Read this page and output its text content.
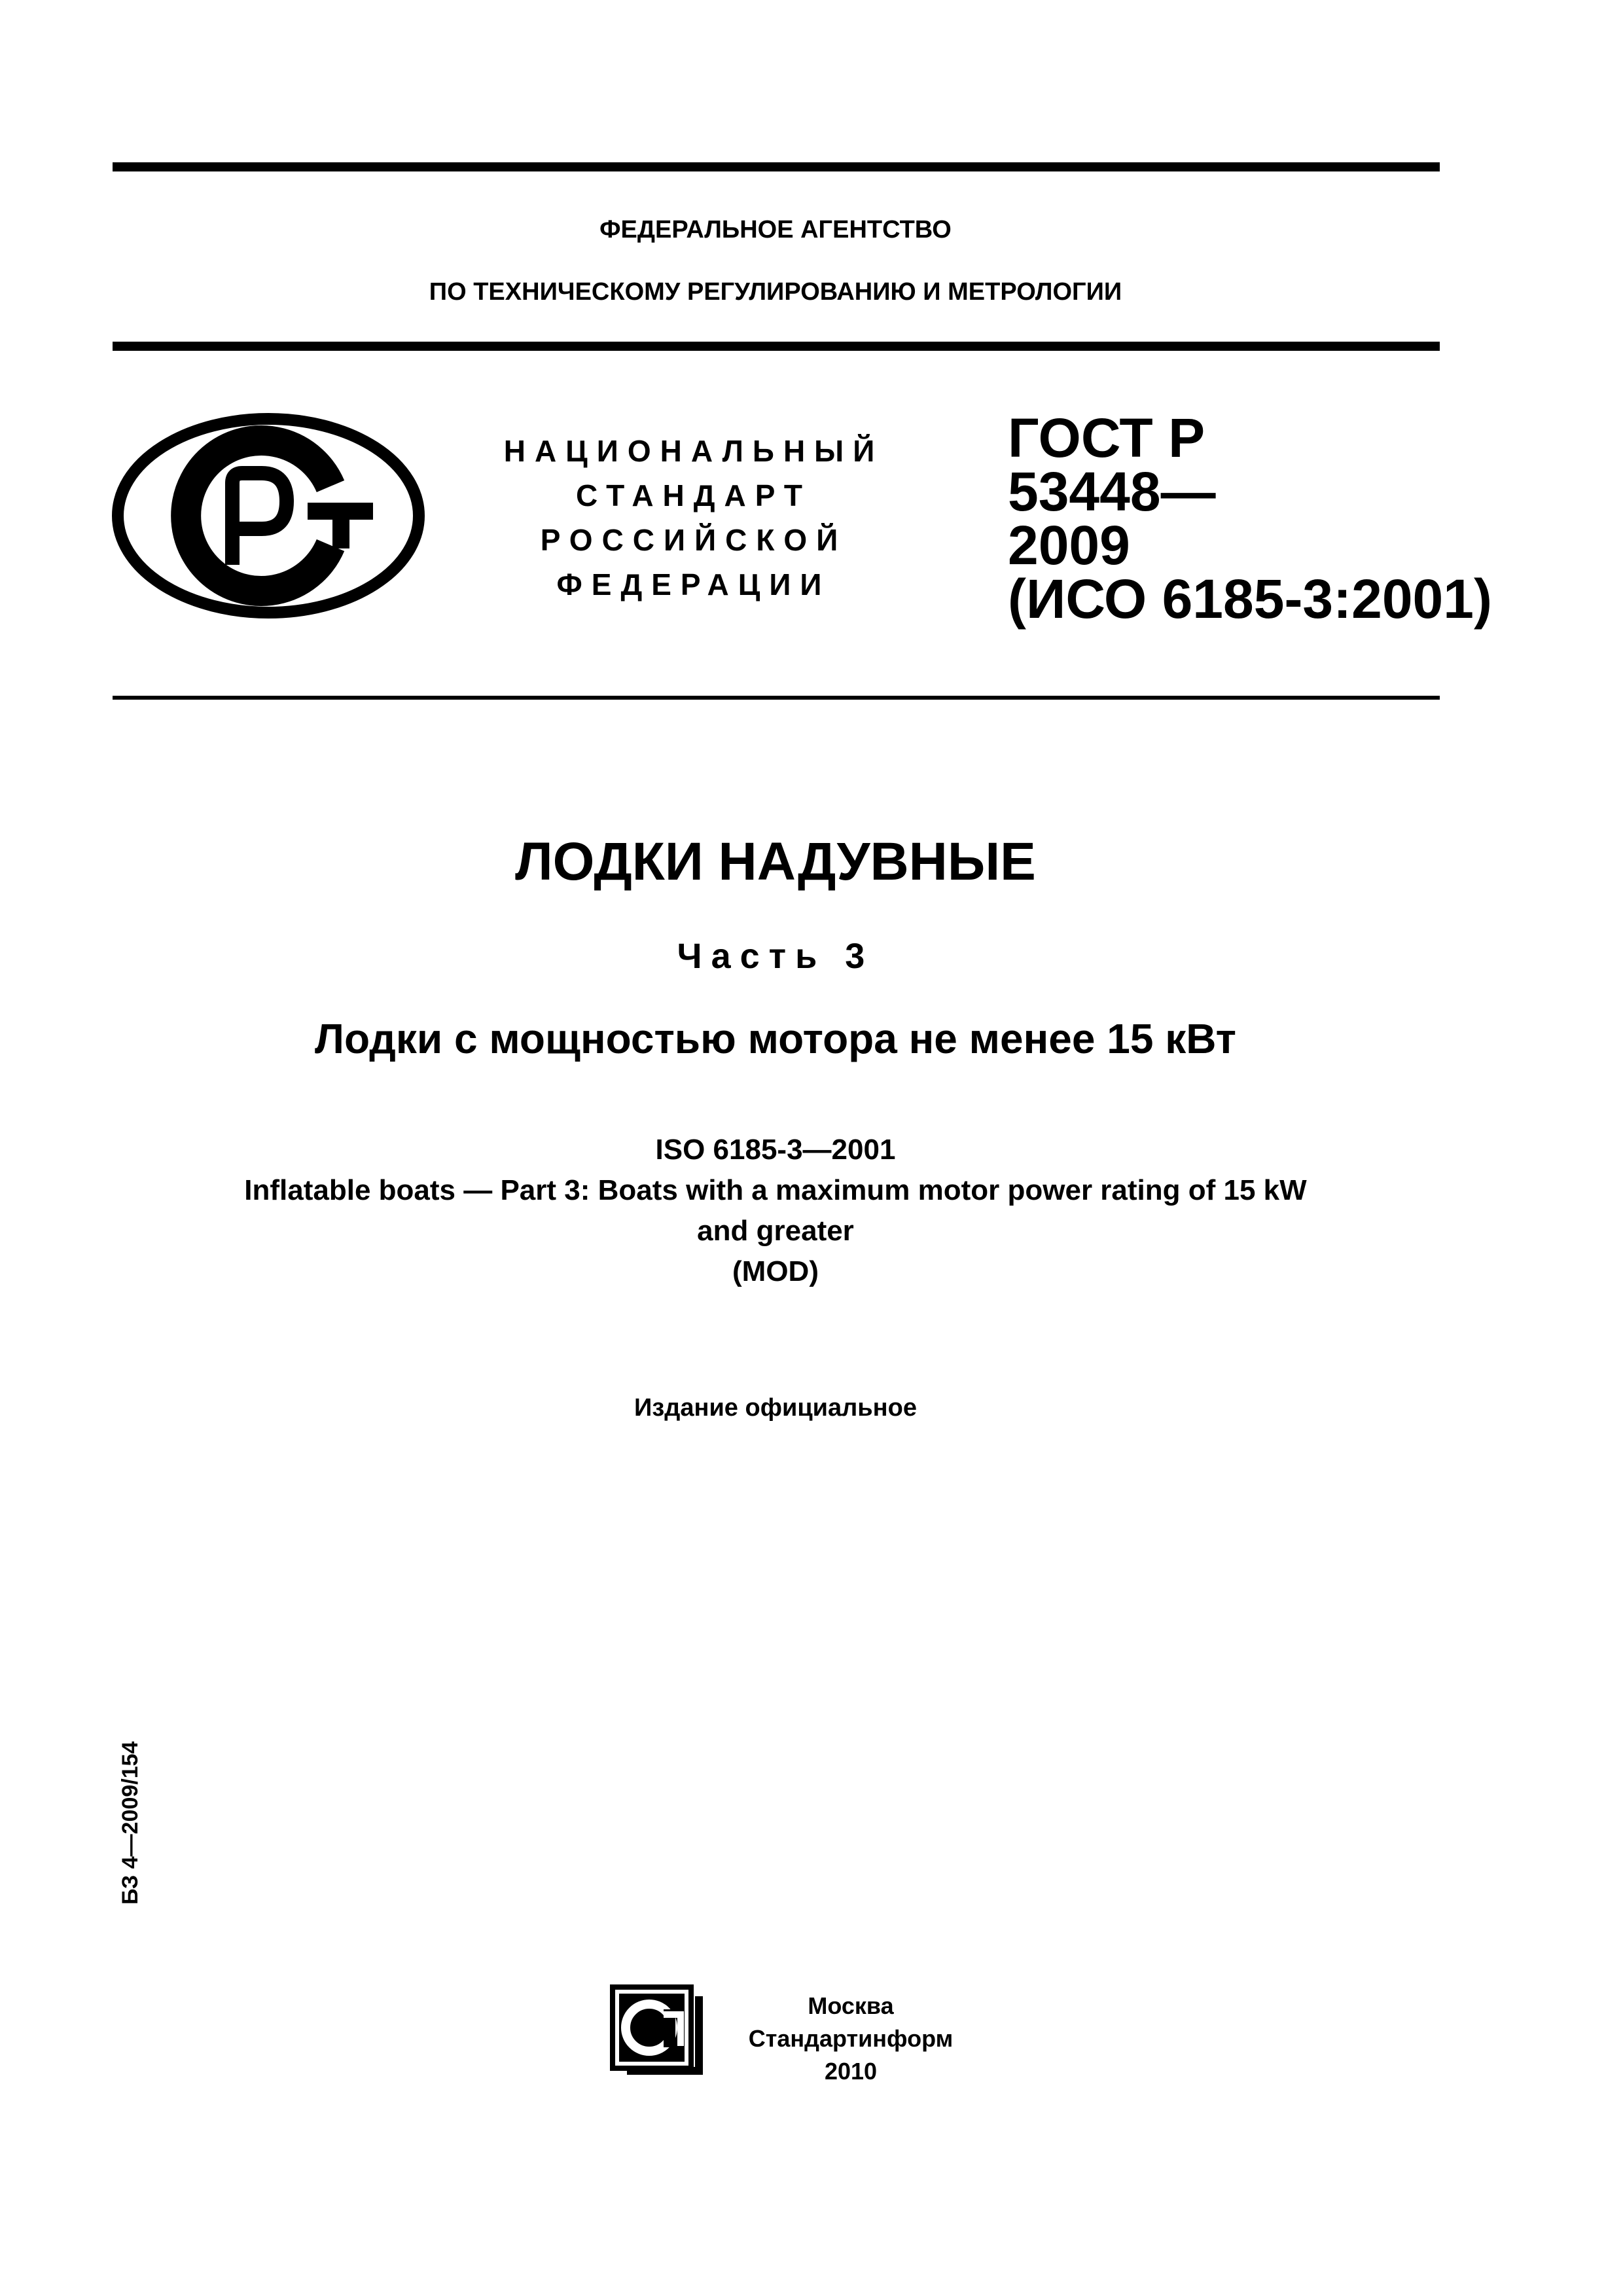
ФЕДЕРАЛЬНОЕ АГЕНТСТВО
ПО ТЕХНИЧЕСКОМУ РЕГУЛИРОВАНИЮ И МЕТРОЛОГИИ
НАЦИОНАЛЬНЫЙ
СТАНДАРТ
РОССИЙСКОЙ
ФЕДЕРАЦИИ
ГОСТ Р
53448—
2009
(ИСО 6185-3:2001)
ЛОДКИ НАДУВНЫЕ
Часть 3
Лодки с мощностью мотора не менее 15 кВт
ISO 6185-3—2001
Inflatable boats — Part 3: Boats with a maximum motor power rating of 15 kW
and greater
(MOD)
Издание официальное
БЗ 4—2009/154
Москва
Стандартинформ
2010
